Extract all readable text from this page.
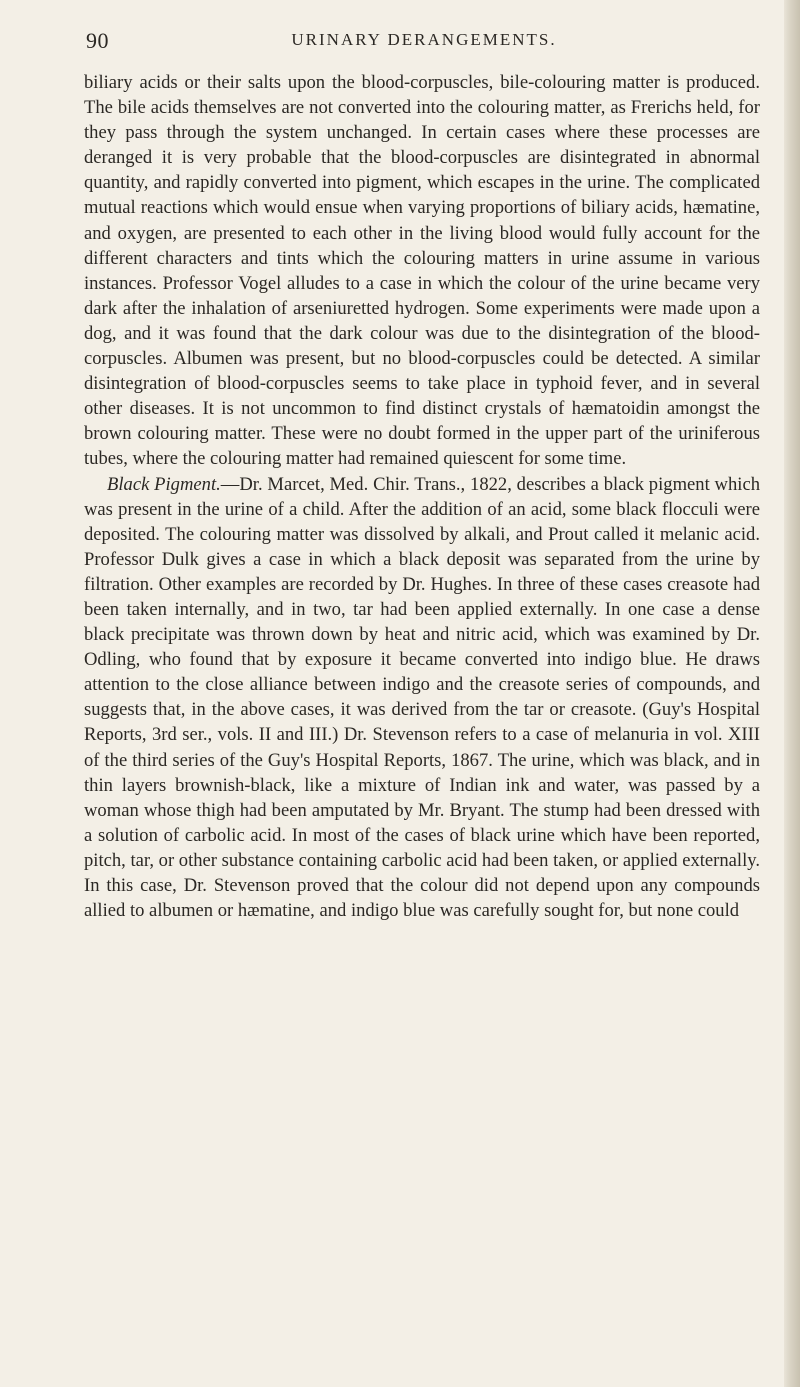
90	URINARY DERANGEMENTS.

biliary acids or their salts upon the blood-corpuscles, bile-colouring matter is produced. The bile acids themselves are not converted into the colouring matter, as Frerichs held, for they pass through the system unchanged. In certain cases where these processes are deranged it is very probable that the blood-corpuscles are disintegrated in abnormal quantity, and rapidly converted into pigment, which escapes in the urine. The complicated mutual reactions which would ensue when varying proportions of biliary acids, hæmatine, and oxygen, are presented to each other in the living blood would fully account for the different characters and tints which the colouring matters in urine assume in various instances. Professor Vogel alludes to a case in which the colour of the urine became very dark after the inhalation of arseniuretted hydrogen. Some experiments were made upon a dog, and it was found that the dark colour was due to the disintegration of the blood-corpuscles. Albumen was present, but no blood-corpuscles could be detected. A similar disintegration of blood-corpuscles seems to take place in typhoid fever, and in several other diseases. It is not uncommon to find distinct crystals of hæmatoidin amongst the brown colouring matter. These were no doubt formed in the upper part of the uriniferous tubes, where the colouring matter had remained quiescent for some time.

Black Pigment.—Dr. Marcet, Med. Chir. Trans., 1822, describes a black pigment which was present in the urine of a child. After the addition of an acid, some black flocculi were deposited. The colouring matter was dissolved by alkali, and Prout called it melanic acid. Professor Dulk gives a case in which a black deposit was separated from the urine by filtration. Other examples are recorded by Dr. Hughes. In three of these cases creasote had been taken internally, and in two, tar had been applied externally. In one case a dense black precipitate was thrown down by heat and nitric acid, which was examined by Dr. Odling, who found that by exposure it became converted into indigo blue. He draws attention to the close alliance between indigo and the creasote series of compounds, and suggests that, in the above cases, it was derived from the tar or creasote. (Guy's Hospital Reports, 3rd ser., vols. II and III.) Dr. Stevenson refers to a case of melanuria in vol. XIII of the third series of the Guy's Hospital Reports, 1867. The urine, which was black, and in thin layers brownish-black, like a mixture of Indian ink and water, was passed by a woman whose thigh had been amputated by Mr. Bryant. The stump had been dressed with a solution of carbolic acid. In most of the cases of black urine which have been reported, pitch, tar, or other substance containing carbolic acid had been taken, or applied externally. In this case, Dr. Stevenson proved that the colour did not depend upon any compounds allied to albumen or hæmatine, and indigo blue was carefully sought for, but none could
